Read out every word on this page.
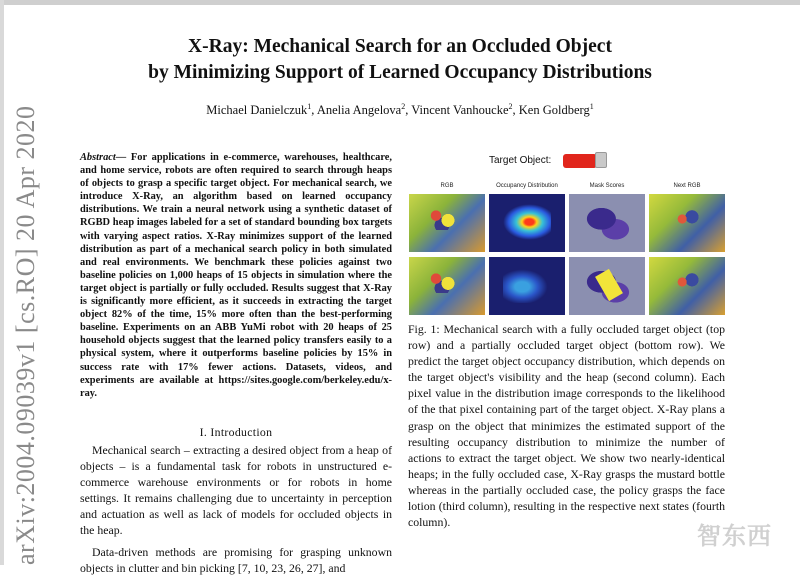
arXiv:2004.09039v1 [cs.RO] 20 Apr 2020
X-Ray: Mechanical Search for an Occluded Object
by Minimizing Support of Learned Occupancy Distributions
Michael Danielczuk$^1$, Anelia Angelova$^2$, Vincent Vanhoucke$^2$, Ken Goldberg$^1$
Abstract— For applications in e-commerce, warehouses, healthcare, and home service, robots are often required to search through heaps of objects to grasp a specific target object. For mechanical search, we introduce X-Ray, an algorithm based on learned occupancy distributions. We train a neural network using a synthetic dataset of RGBD heap images labeled for a set of standard bounding box targets with varying aspect ratios. X-Ray minimizes support of the learned distribution as part of a mechanical search policy in both simulated and real environments. We benchmark these policies against two baseline policies on 1,000 heaps of 15 objects in simulation where the target object is partially or fully occluded. Results suggest that X-Ray is significantly more efficient, as it succeeds in extracting the target object 82% of the time, 15% more often than the best-performing baseline. Experiments on an ABB YuMi robot with 20 heaps of 25 household objects suggest that the learned policy transfers easily to a physical system, where it outperforms baseline policies by 15% in success rate with 17% fewer actions. Datasets, videos, and experiments are available at https://sites.google.com/berkeley.edu/x-ray.
I. Introduction

Mechanical search – extracting a desired object from a heap of objects – is a fundamental task for robots in unstructured e-commerce warehouse environments or for robots in home settings. It remains challenging due to uncertainty in perception and actuation as well as lack of models for occluded objects in the heap.

Data-driven methods are promising for grasping unknown objects in clutter and bin picking [7, 10, 23, 26, 27], and

Target Object:
RGB	Occupancy Distribution	Mask Scores	Next RGB
Fig. 1: Mechanical search with a fully occluded target object (top row) and a partially occluded target object (bottom row). We predict the target object occupancy distribution, which depends on the target object's visibility and the heap (second column). Each pixel value in the distribution image corresponds to the likelihood of the that pixel containing part of the target object. X-Ray plans a grasp on the object that minimizes the estimated support of the resulting occupancy distribution to minimize the number of actions to extract the target object. We show two nearly-identical heaps; in the fully occluded case, X-Ray grasps the mustard bottle whereas in the partially occluded case, the policy grasps the face lotion (third column), resulting in the respective next states (fourth column).	智东西
